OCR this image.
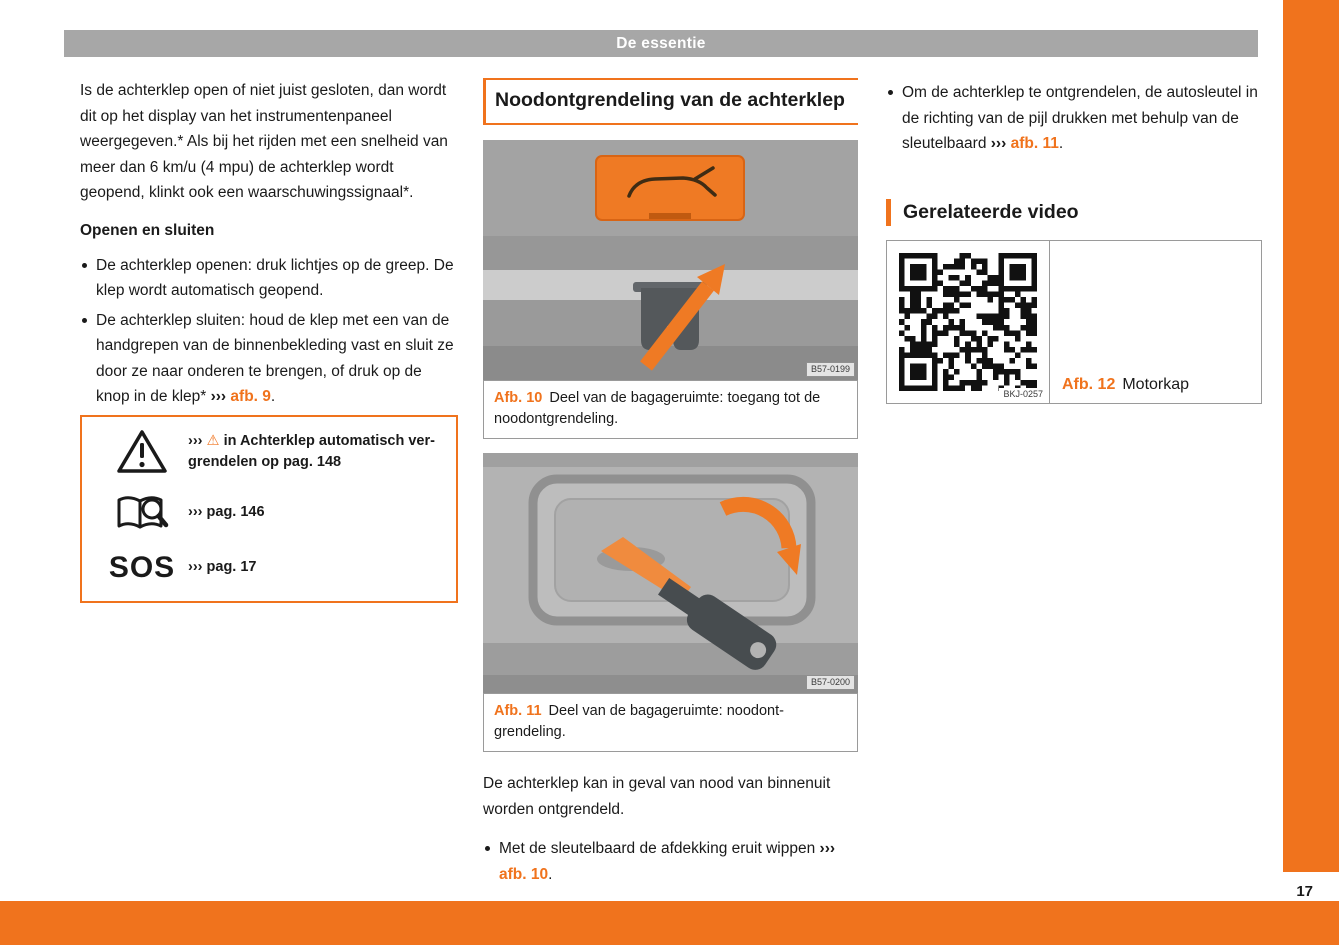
De essentie
17

Is de achterklep open of niet juist gesloten, dan wordt dit op het display van het instrumentenpaneel weergegeven.* Als bij het rijden met een snelheid van meer dan 6 km/u (4 mpu) de achterklep wordt geopend, klinkt ook een waarschuwingssignaal*.

Openen en sluiten
De achterklep openen: druk lichtjes op de greep. De klep wordt automatisch geopend.
De achterklep sluiten: houd de klep met een van de handgrepen van de binnenbekleding vast en sluit ze door ze naar onderen te brengen, of druk op de knop in de klep* ››› afb. 9.
››› ⚠ in Achterklep automatisch vergrendelen op pag. 148
››› pag. 146
SOS ››› pag. 17
Noodontgrendeling van de achterklep
B57-0199
Afb. 10 Deel van de bagageruimte: toegang tot de noodontgrendeling.
B57-0200
Afb. 11 Deel van de bagageruimte: noodontgrendeling.

De achterklep kan in geval van nood van binnenuit worden ontgrendeld.

Met de sleutelbaard de afdekking eruit wippen ››› afb. 10.
Om de achterklep te ontgrendelen, de autosleutel in de richting van de pijl drukken met behulp van de sleutelbaard ››› afb. 11.
Gerelateerde video
BKJ-0257
Afb. 12 Motorkap
